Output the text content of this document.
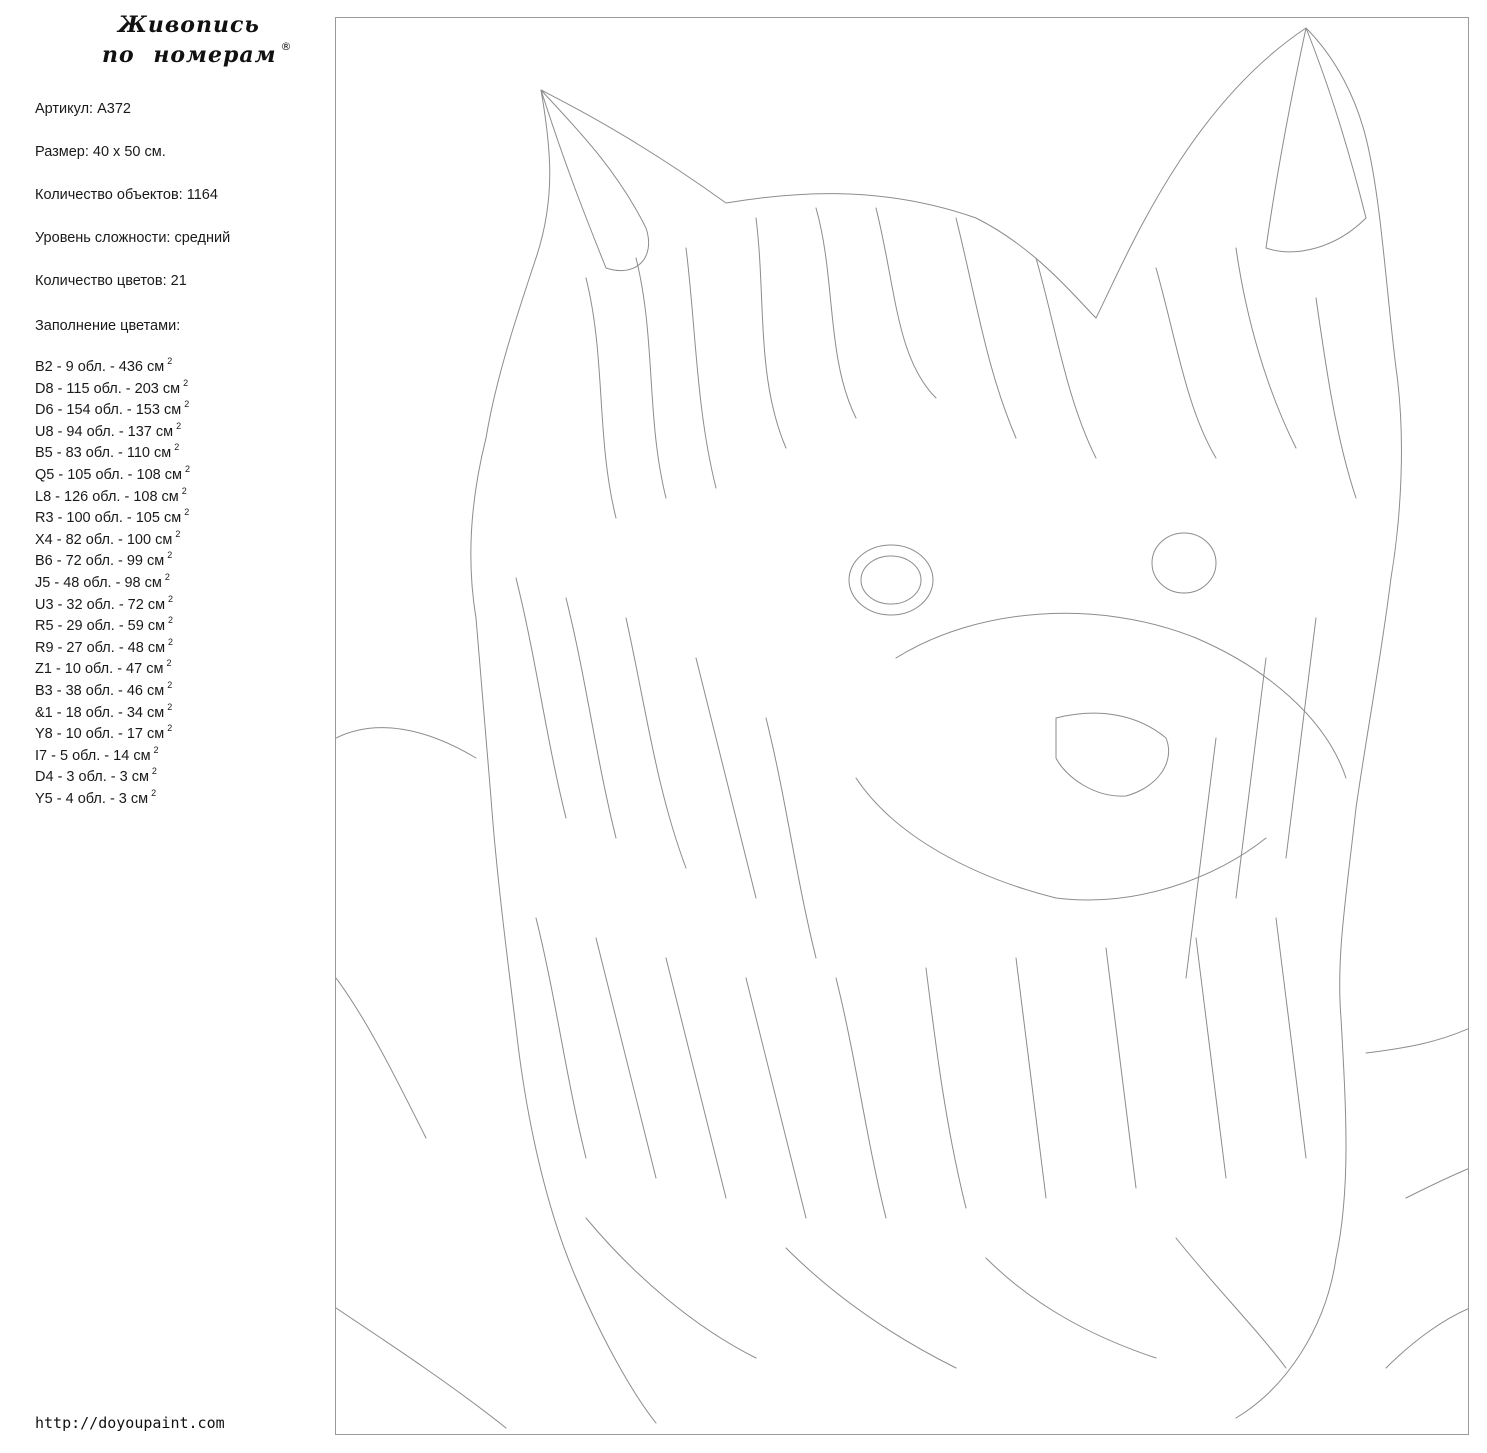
Живопись
по номерам ®
Артикул: A372
Размер: 40 x 50 см.
Количество объектов: 1164
Уровень сложности: средний
Количество цветов: 21
Заполнение цветами:
B2 - 9 обл. - 436 см $^2$
D8 - 115 обл. - 203 см $^2$
D6 - 154 обл. - 153 см $^2$
U8 - 94 обл. - 137 см $^2$
B5 - 83 обл. - 110 см $^2$
Q5 - 105 обл. - 108 см $^2$
L8 - 126 обл. - 108 см $^2$
R3 - 100 обл. - 105 см $^2$
X4 - 82 обл. - 100 см $^2$
B6 - 72 обл. - 99 см $^2$
J5 - 48 обл. - 98 см $^2$
U3 - 32 обл. - 72 см $^2$
R5 - 29 обл. - 59 см $^2$
R9 - 27 обл. - 48 см $^2$
Z1 - 10 обл. - 47 см $^2$
B3 - 38 обл. - 46 см $^2$
&1 - 18 обл. - 34 см $^2$
Y8 - 10 обл. - 17 см $^2$
I7 - 5 обл. - 14 см $^2$
D4 - 3 обл. - 3 см $^2$
Y5 - 4 обл. - 3 см $^2$
http://doyoupaint.com
